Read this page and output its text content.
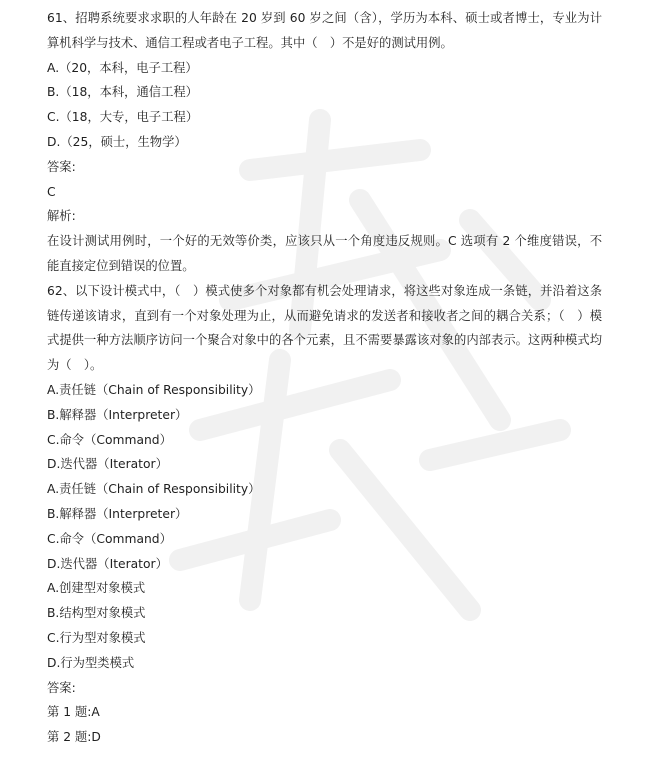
61、招聘系统要求求职的人年龄在 20 岁到 60 岁之间（含），学历为本科、硕士或者博士，专业为计算机科学与技术、通信工程或者电子工程。其中（　）不是好的测试用例。
A.（20，本科，电子工程）
B.（18，本科，通信工程）
C.（18，大专，电子工程）
D.（25，硕士，生物学）
答案:
C
解析:
在设计测试用例时，一个好的无效等价类，应该只从一个角度违反规则。C 选项有 2 个维度错误，不能直接定位到错误的位置。
62、以下设计模式中，（　）模式使多个对象都有机会处理请求，将这些对象连成一条链，并沿着这条链传递该请求，直到有一个对象处理为止，从而避免请求的发送者和接收者之间的耦合关系；（　）模式提供一种方法顺序访问一个聚合对象中的各个元素，且不需要暴露该对象的内部表示。这两种模式均为（　）。
A.责任链（Chain of Responsibility）
B.解释器（Interpreter）
C.命令（Command）
D.迭代器（Iterator）
A.责任链（Chain of Responsibility）
B.解释器（Interpreter）
C.命令（Command）
D.迭代器（Iterator）
A.创建型对象模式
B.结构型对象模式
C.行为型对象模式
D.行为型类模式
答案:
第 1 题:A
第 2 题:D
